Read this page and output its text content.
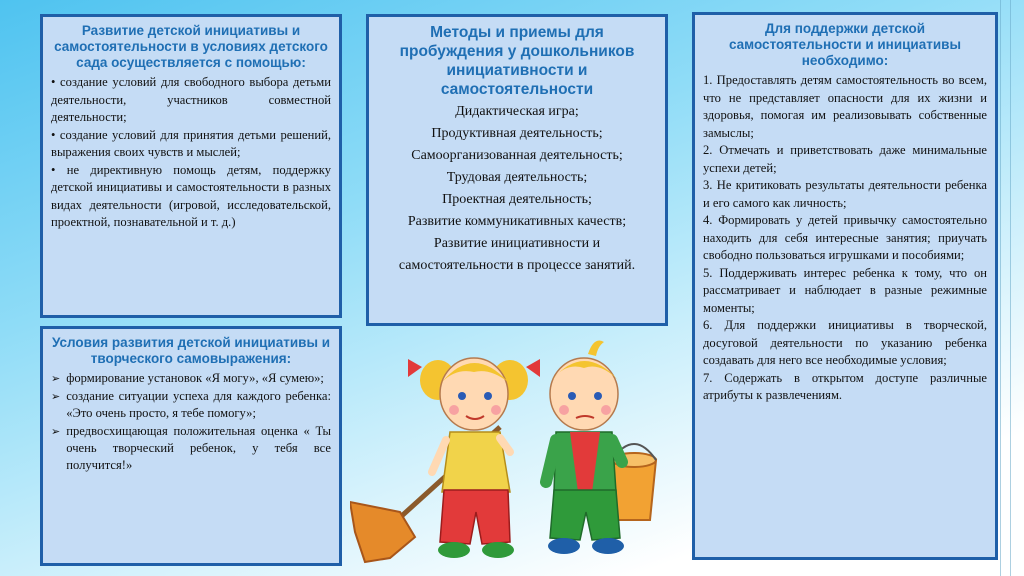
Развитие детской инициативы и самостоятельности в условиях детского сада осуществляется с помощью:

• создание условий для свободного выбора детьми деятельности, участников совместной деятельности;

• создание условий для принятия детьми решений, выражения своих чувств и мыслей;

• не директивную помощь детям, поддержку детской инициативы и самостоятельности в разных видах деятельности (игровой, исследовательской, проектной, познавательной и т. д.)

Условия развития детской инициативы и творческого самовыражения:
➢ формирование установок «Я могу», «Я сумею»;
➢ создание ситуации успеха для каждого ребенка: «Это очень просто, я тебе помогу»;
➢ предвосхищающая положительная оценка « Ты очень творческий ребенок, у тебя все получится!»
Методы и приемы для пробуждения у дошкольников инициативности и самостоятельности

Дидактическая игра;

Продуктивная деятельность;

Самоорганизованная деятельность;

Трудовая деятельность;

Проектная деятельность;

Развитие коммуникативных качеств;

Развитие инициативности и самостоятельности в процессе занятий.

Для поддержки детской самостоятельности и инициативы необходимо:

1. Предоставлять детям самостоятельность во всем, что не представляет опасности для их жизни и здоровья, помогая им реализовывать собственные замыслы;

2. Отмечать и приветствовать даже минимальные успехи детей;

3. Не критиковать результаты деятельности ребенка и его самого как личность;

4. Формировать у детей привычку самостоятельно находить для себя интересные занятия; приучать свободно пользоваться игрушками и пособиями;

5. Поддерживать интерес ребенка к тому, что он рассматривает и наблюдает в разные режимные моменты;

6. Для поддержки инициативы в творческой, досуговой деятельности по указанию ребенка создавать для него все необходимые условия;

7. Содержать в открытом доступе различные атрибуты к развлечениям.
